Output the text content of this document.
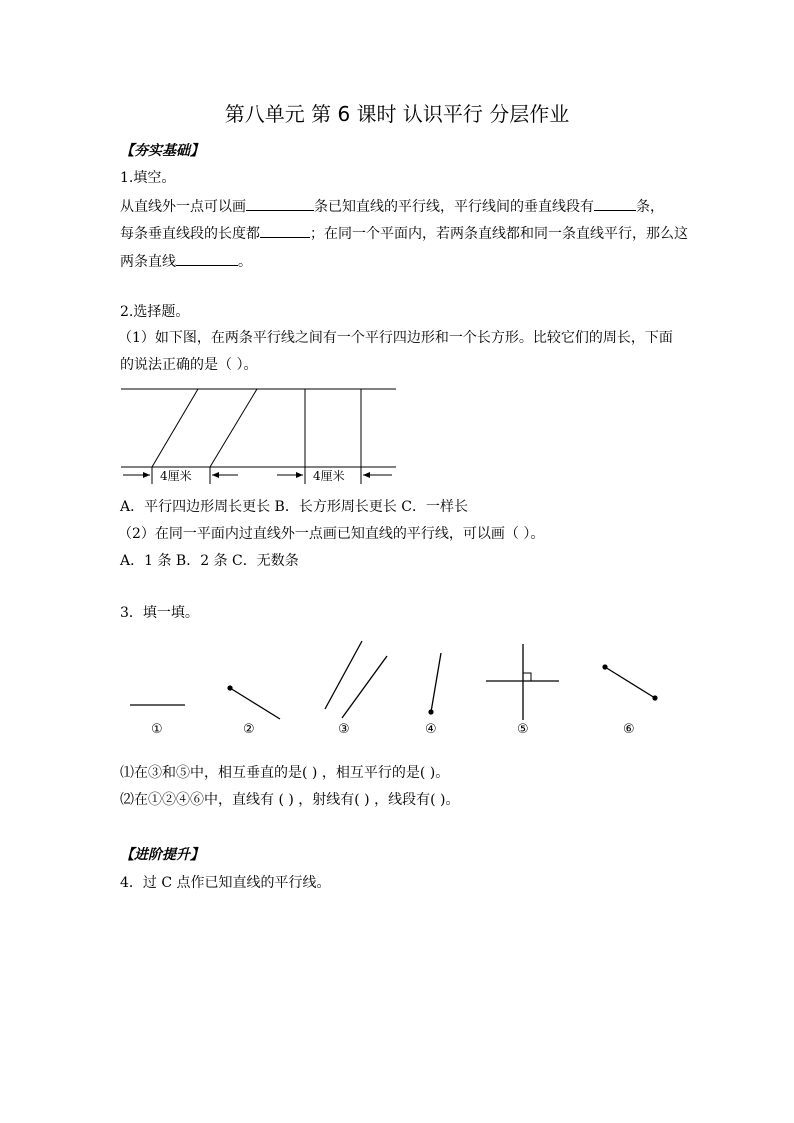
第八单元 第 6 课时 认识平行 分层作业
【夯实基础】
1.填空。
从直线外一点可以画	条已知直线的平行线，平行线间的垂直线段有	条，
每条垂直线段的长度都	；在同一个平面内，若两条直线都和同一条直线平行，那么这
两条直线	。
2.选择题。
（1）如下图，在两条平行线之间有一个平行四边形和一个长方形。比较它们的周长，下面
的说法正确的是（ ）。
4厘米	4厘米
A．平行四边形周长更长 B．长方形周长更长 C．一样长
（2）在同一平面内过直线外一点画已知直线的平行线，可以画（ ）。
A．1 条 B．2 条 C．无数条
3．填一填。
①	②	③	④	⑤	⑥
⑴在③和⑤中，相互垂直的是( ) ，相互平行的是( )。
⑵在①②④⑥中，直线有 ( ) ，射线有( ) ，线段有( )。
【进阶提升】
4．过 C 点作已知直线的平行线。
